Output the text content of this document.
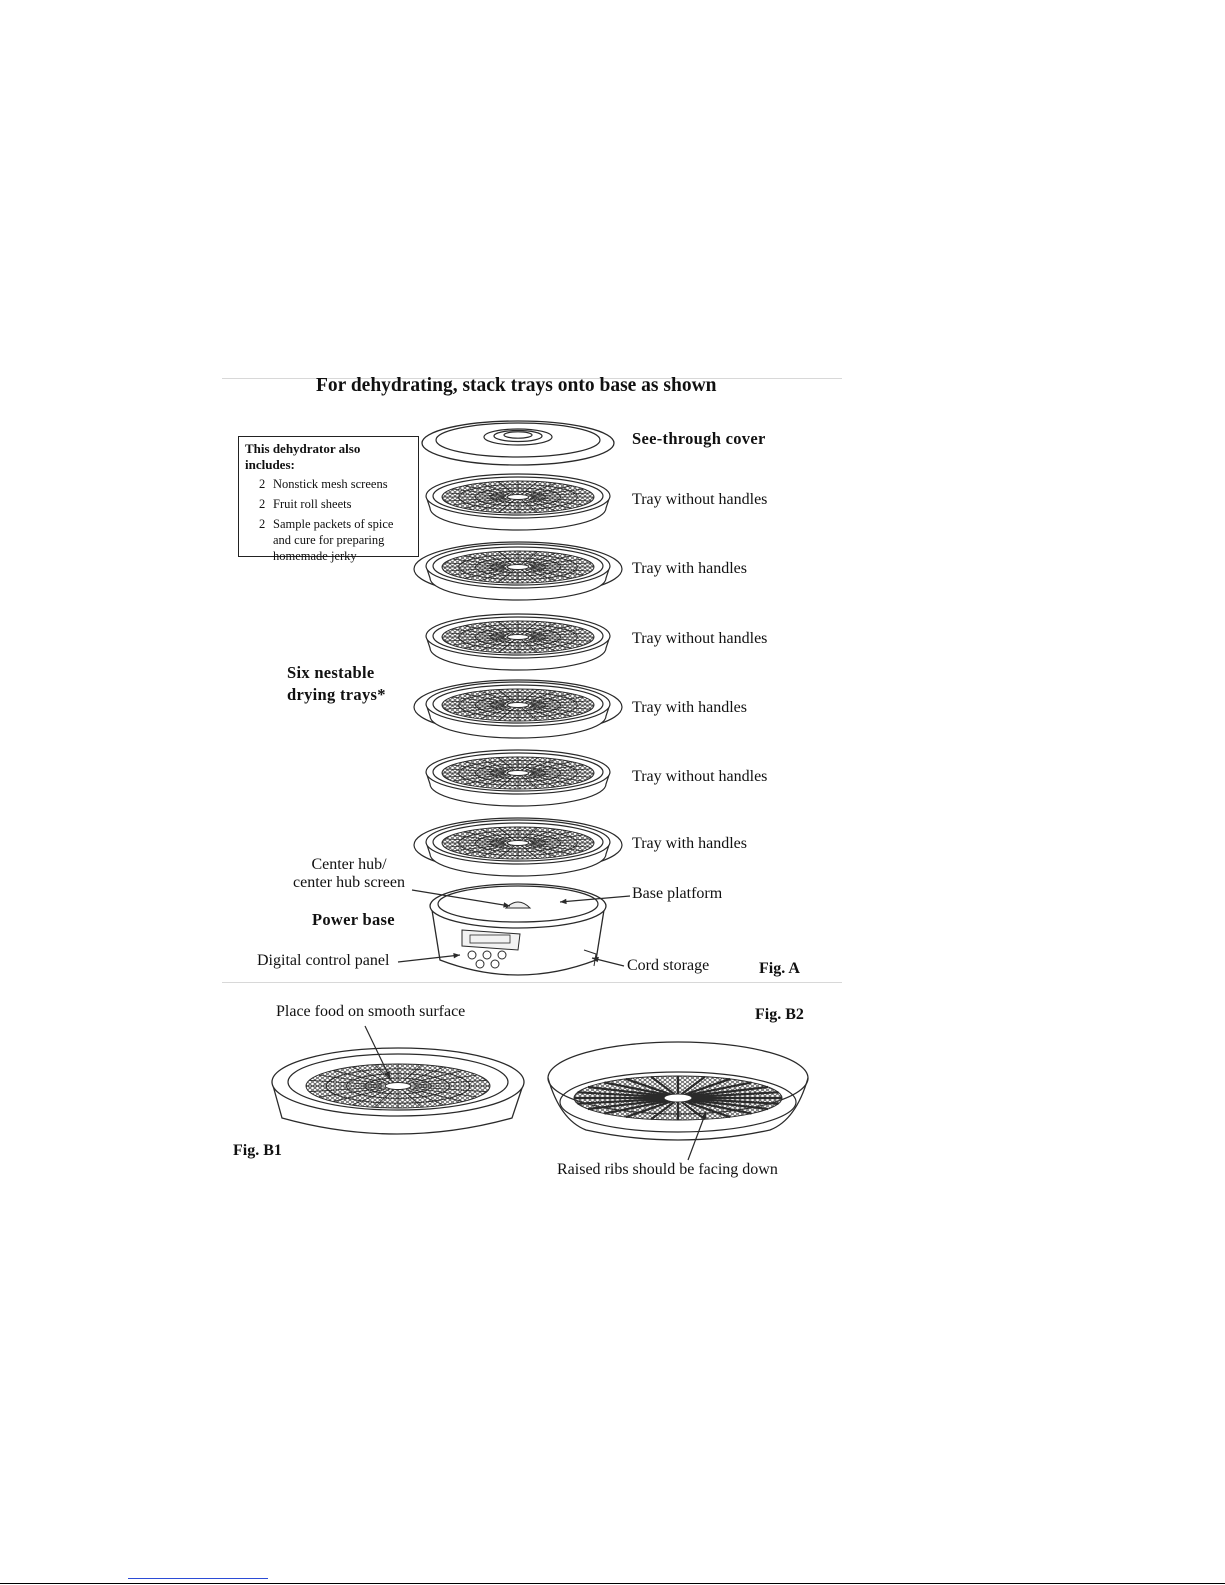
For dehydrating, stack trays onto base as shown
This dehydrator also includes:
2 Nonstick mesh screens
2 Fruit roll sheets
2 Sample packets of spice and cure for preparing homemade jerky
See-through cover
Tray without handles
Tray with handles
Tray without handles
Tray with handles
Tray without handles
Tray with handles
Six nestable
drying trays*
Center hub/
center hub screen
Base platform
Power base
Digital control panel	Cord storage	Fig. A
Place food on smooth surface	Fig. B2
Fig. B1
Raised ribs should be facing down
